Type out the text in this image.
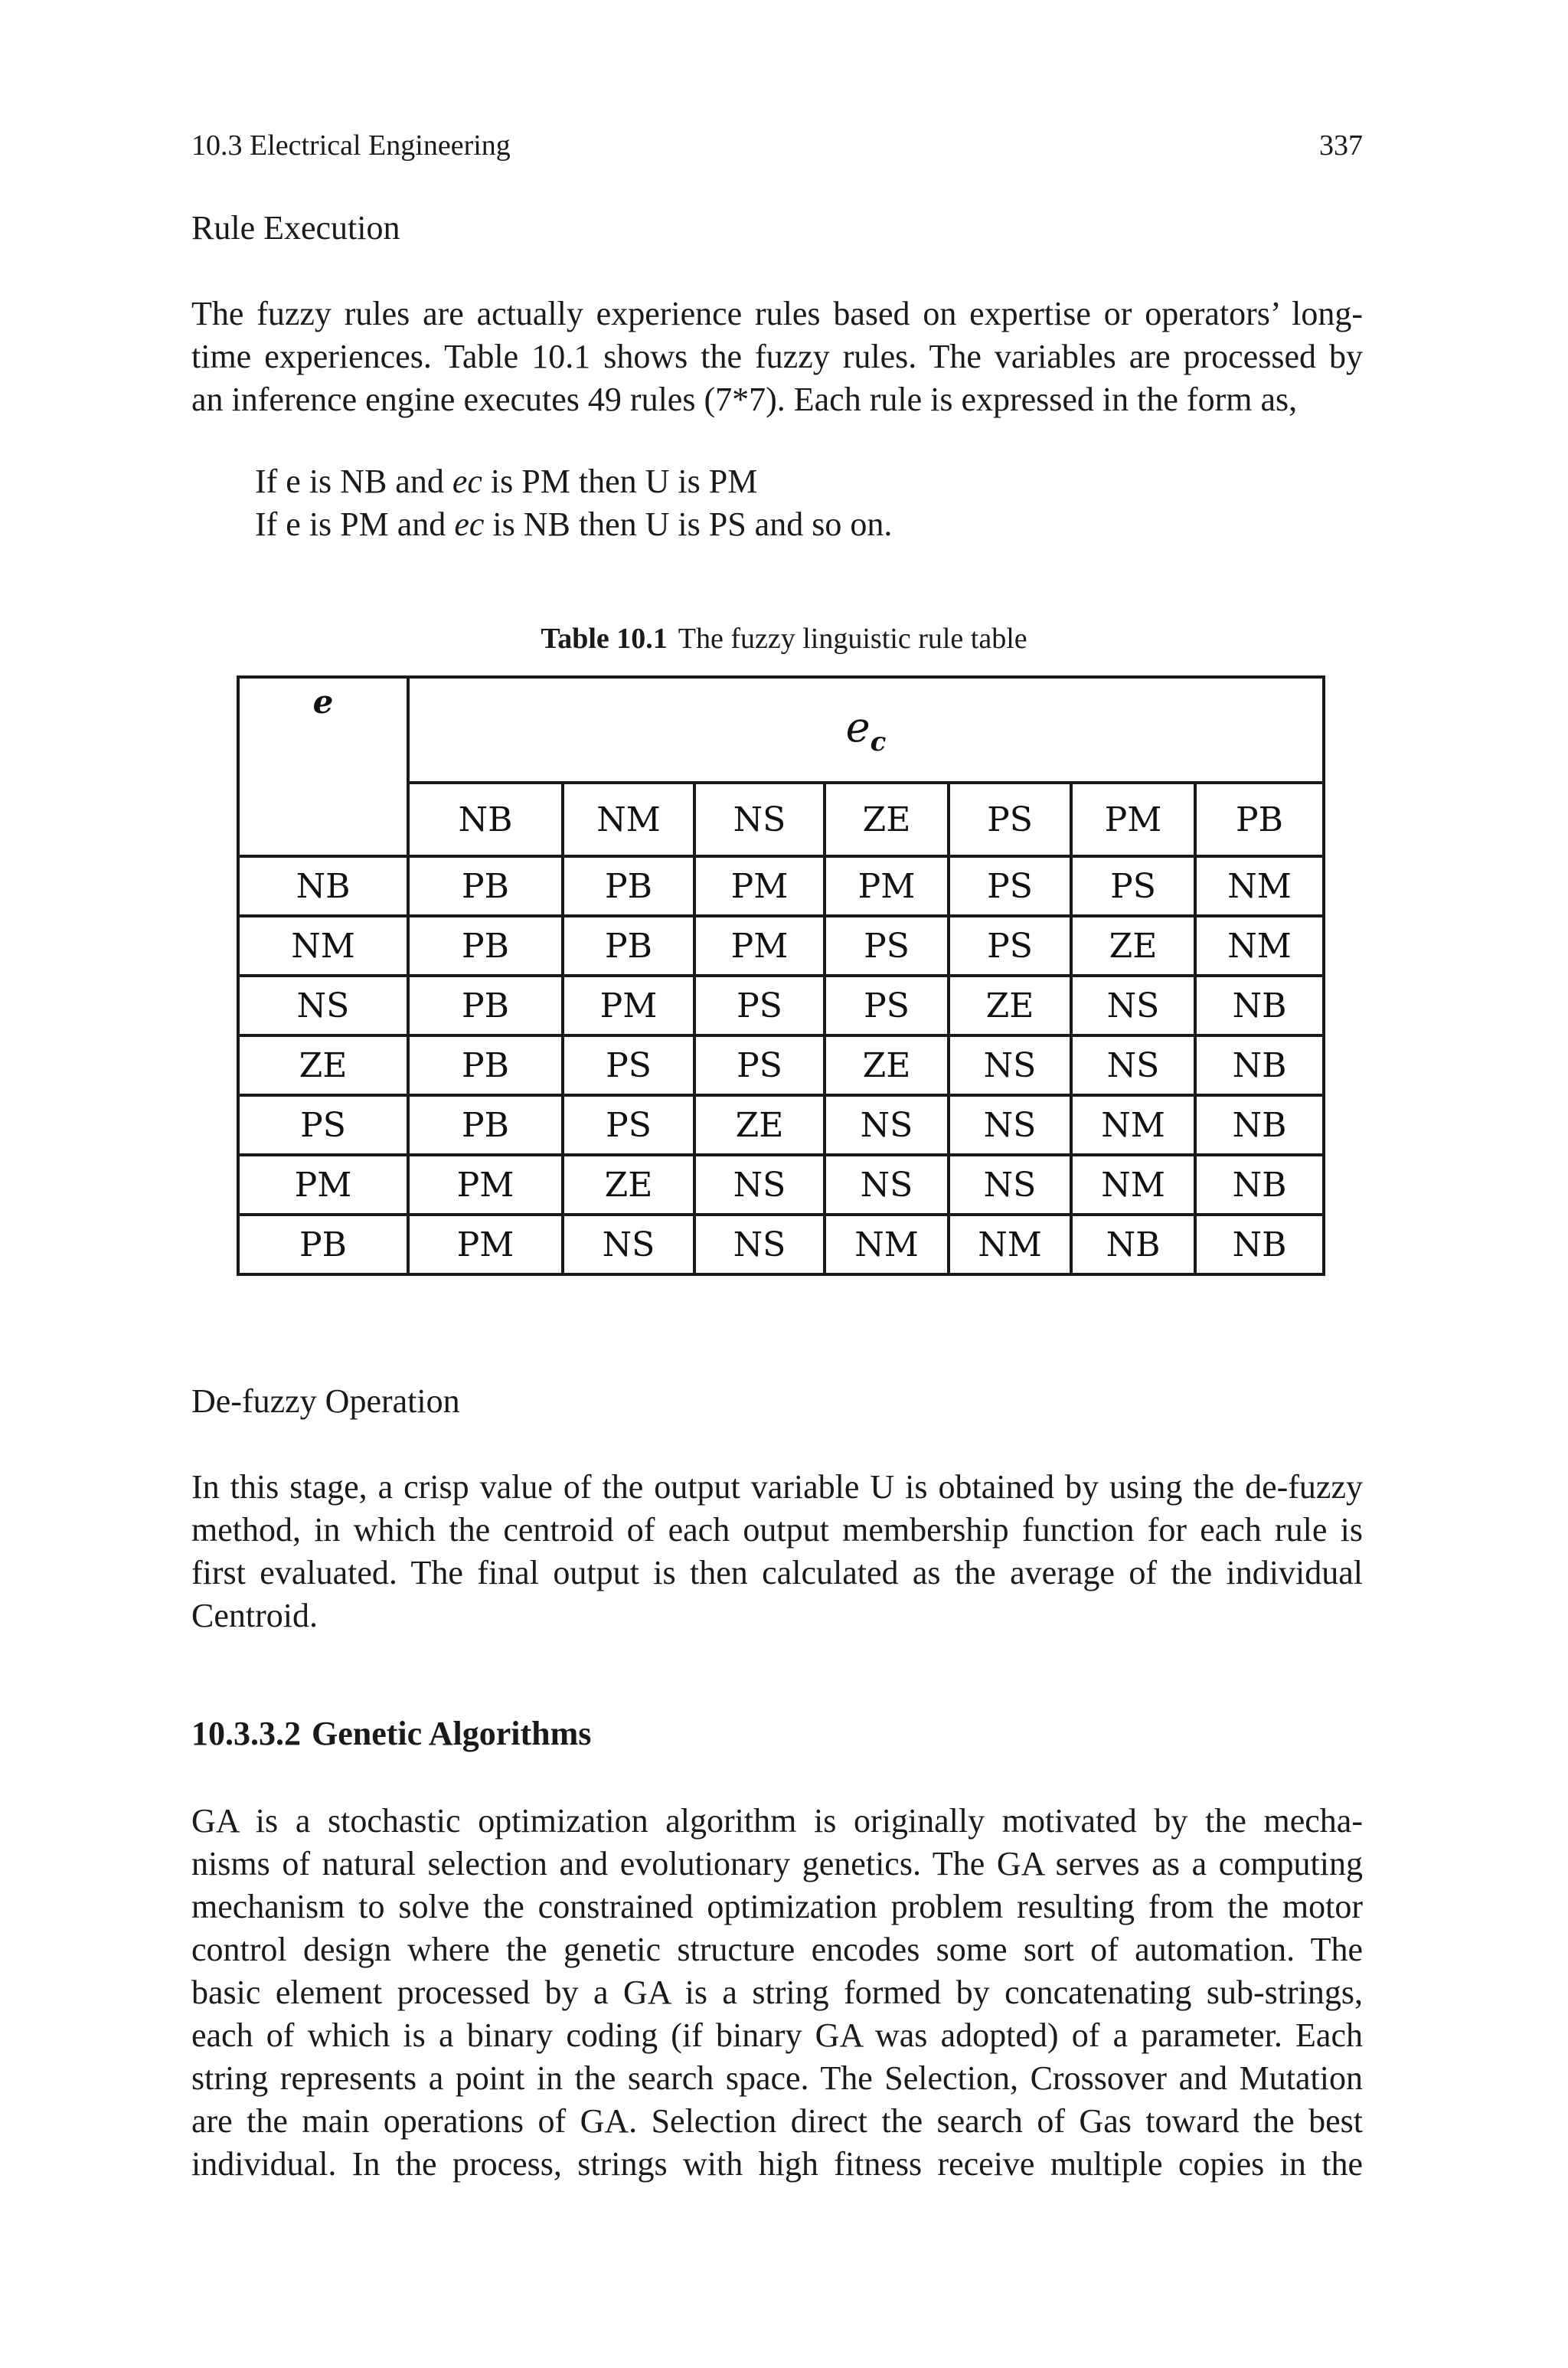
10.3 Electrical Engineering	337
Rule Execution

The fuzzy rules are actually experience rules based on expertise or operators’ long-
time experiences. Table 10.1 shows the fuzzy rules. The variables are processed by
an inference engine executes 49 rules (7*7). Each rule is expressed in the form as,

If e is NB and ec is PM then U is PM
If e is PM and ec is NB then U is PS and so on.
Table 10.1 The fuzzy linguistic rule table
e	$e_c$
	NB	NM	NS	ZE	PS	PM	PB
NB	PB	PB	PM	PM	PS	PS	NM
NM	PB	PB	PM	PS	PS	ZE	NM
NS	PB	PM	PS	PS	ZE	NS	NB
ZE	PB	PS	PS	ZE	NS	NS	NB
PS	PB	PS	ZE	NS	NS	NM	NB
PM	PM	ZE	NS	NS	NS	NM	NB
PB	PM	NS	NS	NM	NM	NB	NB
De-fuzzy Operation

In this stage, a crisp value of the output variable U is obtained by using the de-fuzzy
method, in which the centroid of each output membership function for each rule is
first evaluated. The final output is then calculated as the average of the individual
Centroid.

10.3.3.2 Genetic Algorithms

GA is a stochastic optimization algorithm is originally motivated by the mecha-
nisms of natural selection and evolutionary genetics. The GA serves as a computing
mechanism to solve the constrained optimization problem resulting from the motor
control design where the genetic structure encodes some sort of automation. The
basic element processed by a GA is a string formed by concatenating sub-strings,
each of which is a binary coding (if binary GA was adopted) of a parameter. Each
string represents a point in the search space. The Selection, Crossover and Mutation
are the main operations of GA. Selection direct the search of Gas toward the best
individual. In the process, strings with high fitness receive multiple copies in the
